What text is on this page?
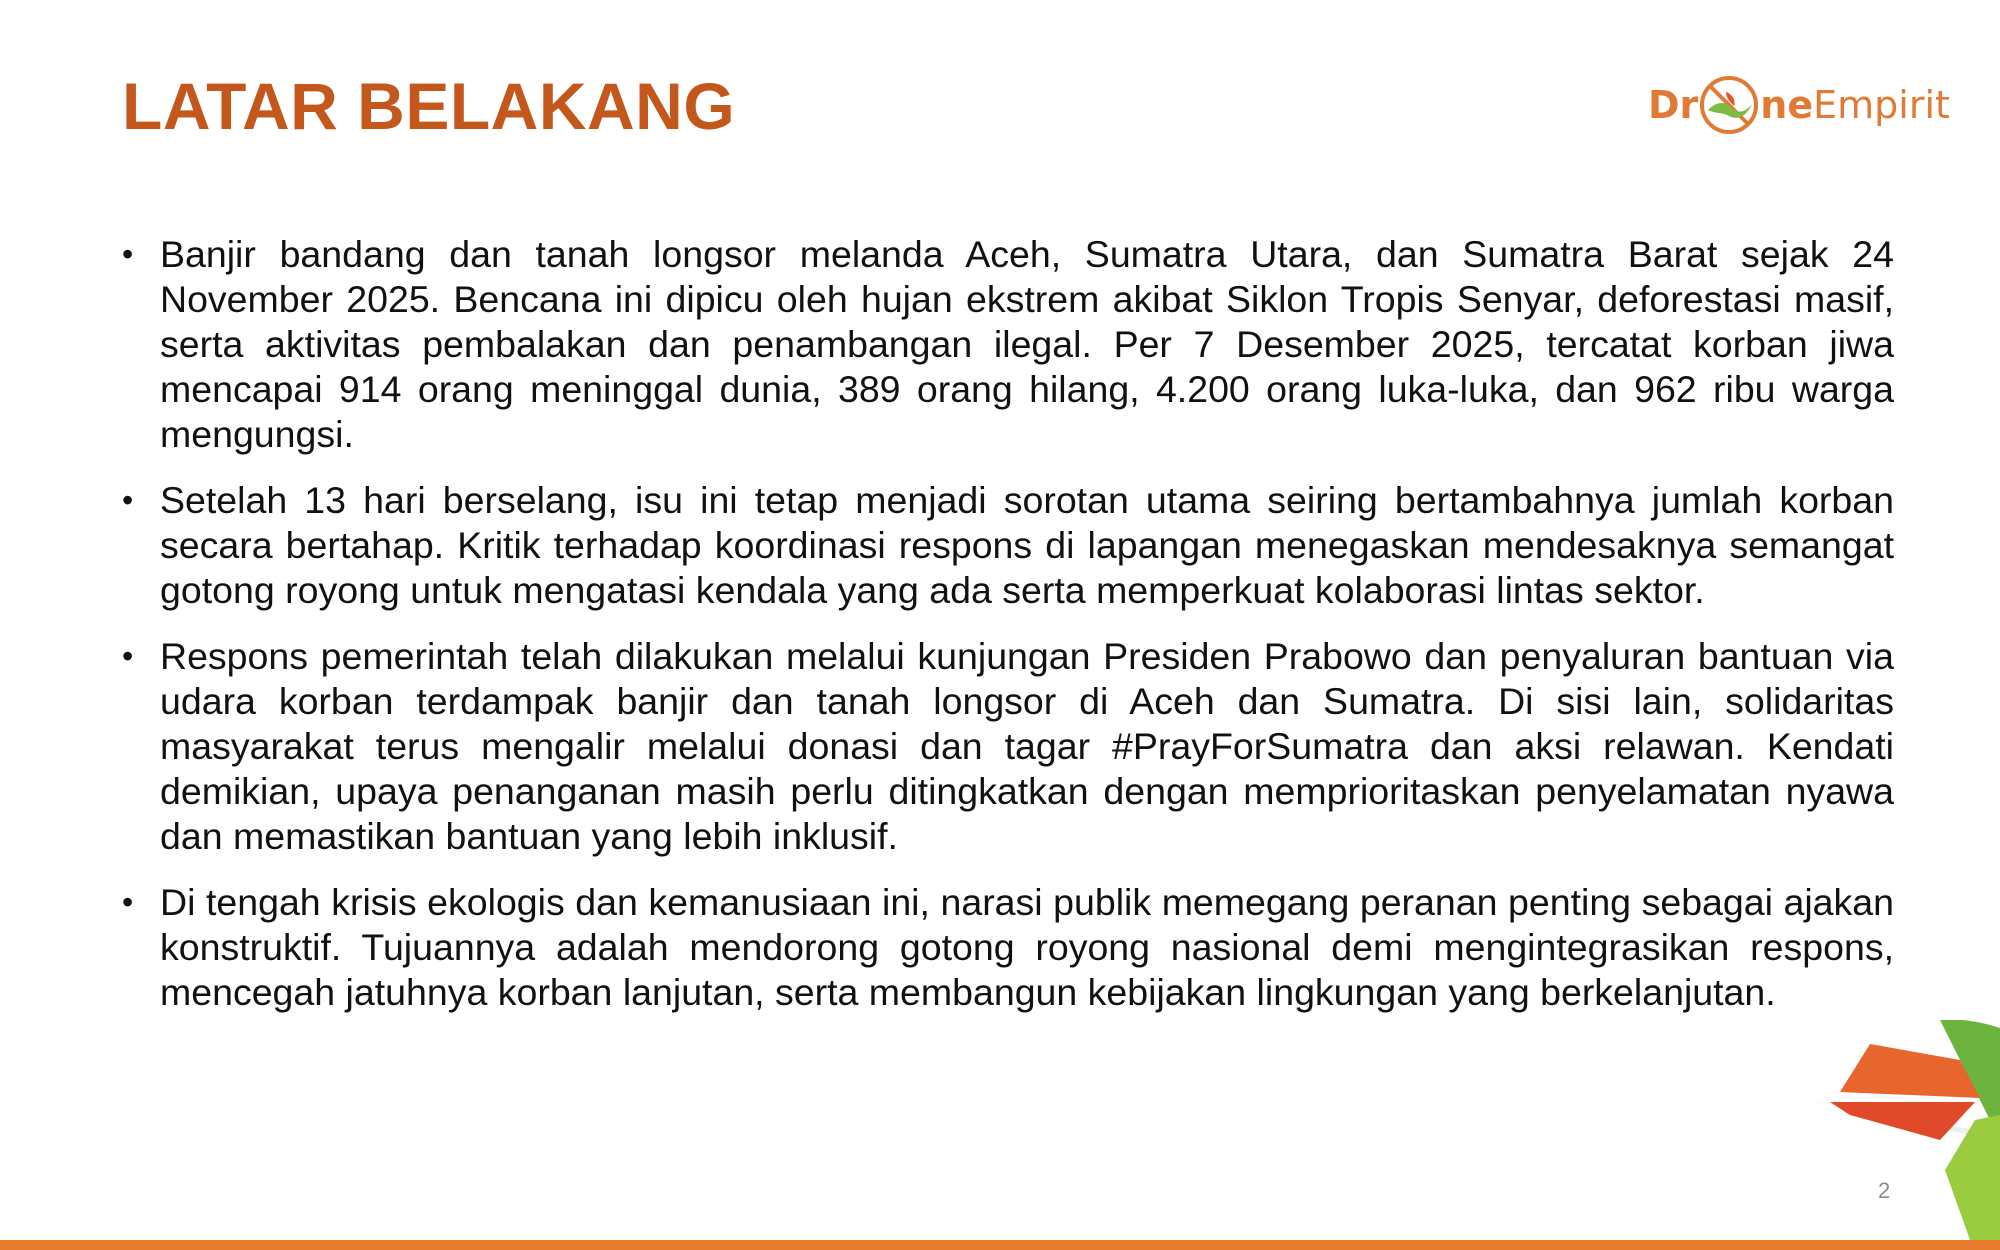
LATAR BELAKANG	Dr ne Empirit
• Banjir bandang dan tanah longsor melanda Aceh, Sumatra Utara, dan Sumatra Barat sejak 24 November 2025. Bencana ini dipicu oleh hujan ekstrem akibat Siklon Tropis Senyar, deforestasi masif, serta aktivitas pembalakan dan penambangan ilegal. Per 7 Desember 2025, tercatat korban jiwa mencapai 914 orang meninggal dunia, 389 orang hilang, 4.200 orang luka-luka, dan 962 ribu warga mengungsi.
• Setelah 13 hari berselang, isu ini tetap menjadi sorotan utama seiring bertambahnya jumlah korban secara bertahap. Kritik terhadap koordinasi respons di lapangan menegaskan mendesaknya semangat gotong royong untuk mengatasi kendala yang ada serta memperkuat kolaborasi lintas sektor.
• Respons pemerintah telah dilakukan melalui kunjungan Presiden Prabowo dan penyaluran bantuan via udara korban terdampak banjir dan tanah longsor di Aceh dan Sumatra. Di sisi lain, solidaritas masyarakat terus mengalir melalui donasi dan tagar #PrayForSumatra dan aksi relawan. Kendati demikian, upaya penanganan masih perlu ditingkatkan dengan memprioritaskan penyelamatan nyawa dan memastikan bantuan yang lebih inklusif.
• Di tengah krisis ekologis dan kemanusiaan ini, narasi publik memegang peranan penting sebagai ajakan konstruktif. Tujuannya adalah mendorong gotong royong nasional demi mengintegrasikan respons, mencegah jatuhnya korban lanjutan, serta membangun kebijakan lingkungan yang berkelanjutan.
2
